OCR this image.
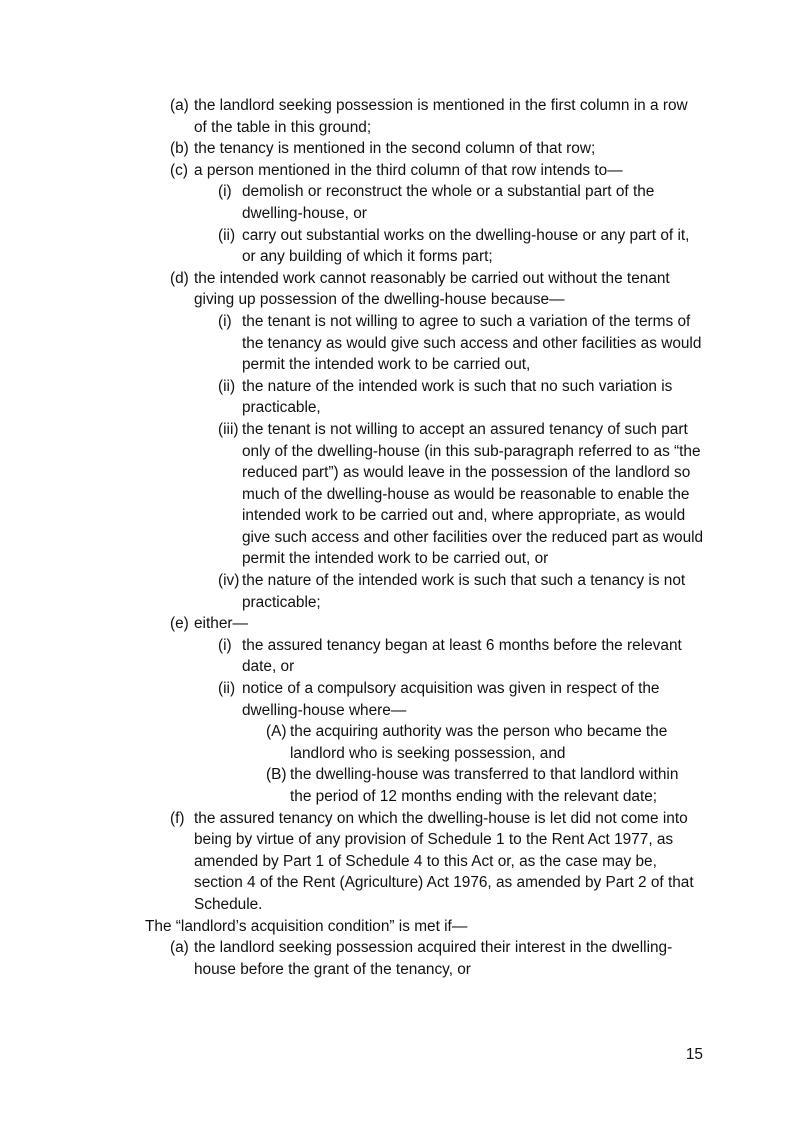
(a) the landlord seeking possession is mentioned in the first column in a row of the table in this ground;
(b) the tenancy is mentioned in the second column of that row;
(c) a person mentioned in the third column of that row intends to—
(i) demolish or reconstruct the whole or a substantial part of the dwelling-house, or
(ii) carry out substantial works on the dwelling-house or any part of it, or any building of which it forms part;
(d) the intended work cannot reasonably be carried out without the tenant giving up possession of the dwelling-house because—
(i) the tenant is not willing to agree to such a variation of the terms of the tenancy as would give such access and other facilities as would permit the intended work to be carried out,
(ii) the nature of the intended work is such that no such variation is practicable,
(iii) the tenant is not willing to accept an assured tenancy of such part only of the dwelling-house (in this sub-paragraph referred to as “the reduced part”) as would leave in the possession of the landlord so much of the dwelling-house as would be reasonable to enable the intended work to be carried out and, where appropriate, as would give such access and other facilities over the reduced part as would permit the intended work to be carried out, or
(iv) the nature of the intended work is such that such a tenancy is not practicable;
(e) either—
(i) the assured tenancy began at least 6 months before the relevant date, or
(ii) notice of a compulsory acquisition was given in respect of the dwelling-house where—
(A) the acquiring authority was the person who became the landlord who is seeking possession, and
(B) the dwelling-house was transferred to that landlord within the period of 12 months ending with the relevant date;
(f) the assured tenancy on which the dwelling-house is let did not come into being by virtue of any provision of Schedule 1 to the Rent Act 1977, as amended by Part 1 of Schedule 4 to this Act or, as the case may be, section 4 of the Rent (Agriculture) Act 1976, as amended by Part 2 of that Schedule.
The “landlord’s acquisition condition” is met if—
(a) the landlord seeking possession acquired their interest in the dwelling-house before the grant of the tenancy, or
15
